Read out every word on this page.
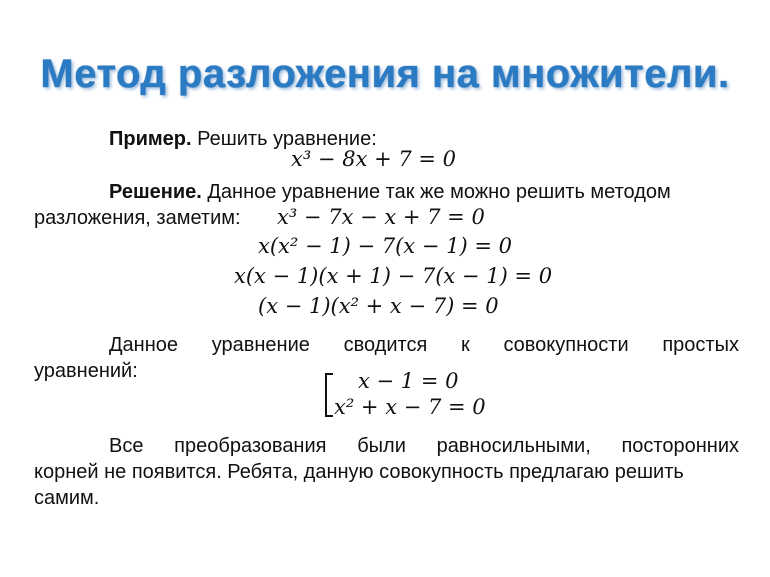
Метод разложения на множители.
Пример. Решить уравнение:
x³ − 8x + 7 = 0
Решение. Данное уравнение так же можно решить методом
разложения, заметим: x³ − 7x − x + 7 = 0
x(x² − 1) − 7(x − 1) = 0
x(x − 1)(x + 1) − 7(x − 1) = 0
(x − 1)(x² + x − 7) = 0
Данное уравнение сводится к совокупности простых
уравнений:	x − 1 = 0
x² + x − 7 = 0
Все преобразования были равносильными, посторонних
корней не появится. Ребята, данную совокупность предлагаю решить
самим.
